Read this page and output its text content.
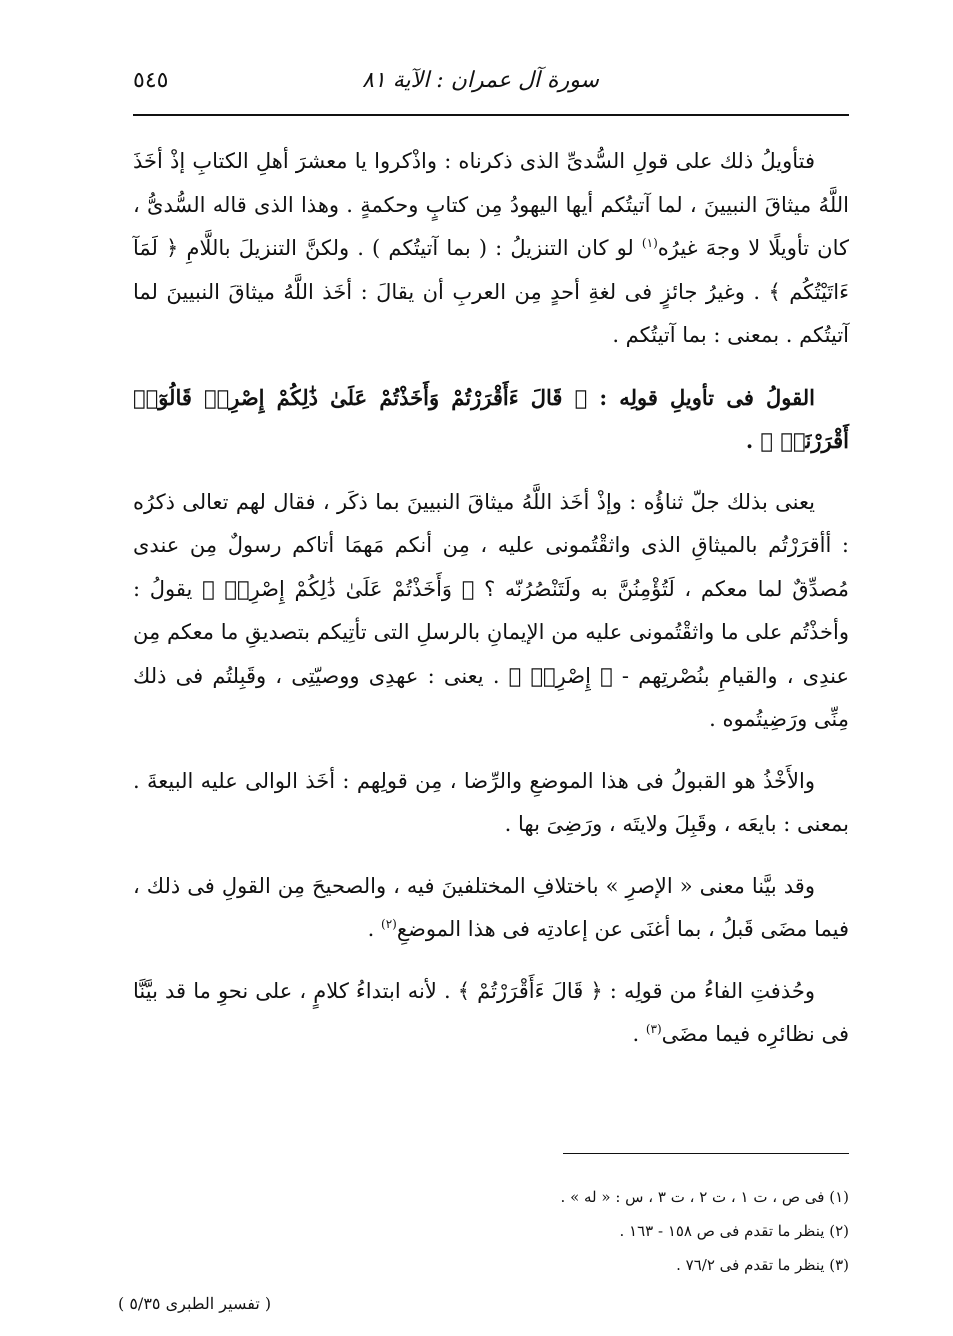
سورة آل عمران : الآية ٨١
٥٤٥

فتأويلُ ذلك على قولِ السُّدىِّ الذى ذكرناه : واذْكروا يا معشرَ أهلِ الكتابِ إذْ أخَذَ اللَّهُ ميثاقَ النبيينَ ، لما آتيتُكم أيها اليهودُ مِن كتابٍ وحكمةٍ . وهذا الذى قاله السُّدىُّ ، كان تأويلًا لا وجهَ غيرُه$^{(١)}$ لو كان التنزيلُ : ( بما آتيتُكم ) . ولكنَّ التنزيلَ باللَّامِ ﴿ لَمَآ ءَاتَيْتُكُم ﴾ . وغيرُ جائزٍ فى لغةِ أحدٍ مِن العربِ أن يقالَ : أخَذ اللَّهُ ميثاقَ النبيينَ لما آتيتُكم . بمعنى : بما آتيتُكم .

القولُ فى تأويلِ قولِه : ﴿ قَالَ ءَأَقْرَرْتُمْ وَأَخَذْتُمْ عَلَىٰ ذَٰلِكُمْ إِصْرِىۖ قَالُوٓا۟ أَقْرَرْنَاۚ ﴾ .

يعنى بذلك جلّ ثناؤُه : وإذْ أخَذ اللَّهُ ميثاقَ النبيينَ بما ذكَر ، فقال لهم تعالى ذكرُه : أأقرَرْتُم بالميثاقِ الذى واثقْتُمونى عليه ، مِن أنكم مَهمَا أتاكم رسولٌ مِن عندى مُصدِّقٌ لما معكم ، لَتُؤْمِنُنَّ به ولَتَنْصُرُنّه ؟ ﴿ وَأَخَذْتُمْ عَلَىٰ ذَٰلِكُمْ إِصْرِىۖ ﴾ يقولُ : وأخذْتُم على ما واثقْتُمونى عليه من الإيمانِ بالرسلِ التى تأتِيكم بتصديقِ ما معكم مِن عندِى ، والقيامِ بنُصْرتِهم - ﴿ إِصْرِىۖ ﴾ . يعنى : عهدِى ووصيّتِى ، وقَبِلتُم فى ذلك مِنِّى ورَضِيتُموه .

والأَخْذُ هو القبولُ فى هذا الموضعِ والرِّضا ، مِن قولِهم : أخَذ الوالى عليه البيعةَ . بمعنى : بايعَه ، وقَبِلَ ولايتَه ، ورَضِىَ بها .

وقد بيَّنا معنى « الإصرِ » باختلافِ المختلفينَ فيه ، والصحيحَ مِن القولِ فى ذلك ، فيما مضَى قَبلُ ، بما أغنَى عن إعادتِه فى هذا الموضعِ$^{(٢)}$ .

وحُذفتِ الفاءُ من قولِه : ﴿ قَالَ ءَأَقْرَرْتُمْ ﴾ . لأنه ابتداءُ كلامٍ ، على نحوِ ما قد بيَّنَّا فى نظائرِه فيما مضَى$^{(٣)}$ .

(١) فى ص ، ت ١ ، ت ٢ ، ت ٣ ، س : « له » .
(٢) ينظر ما تقدم فى ص ١٥٨ - ١٦٣ .
(٣) ينظر ما تقدم فى ٧٦/٢ .
( تفسير الطبرى ٥/٣٥ )
